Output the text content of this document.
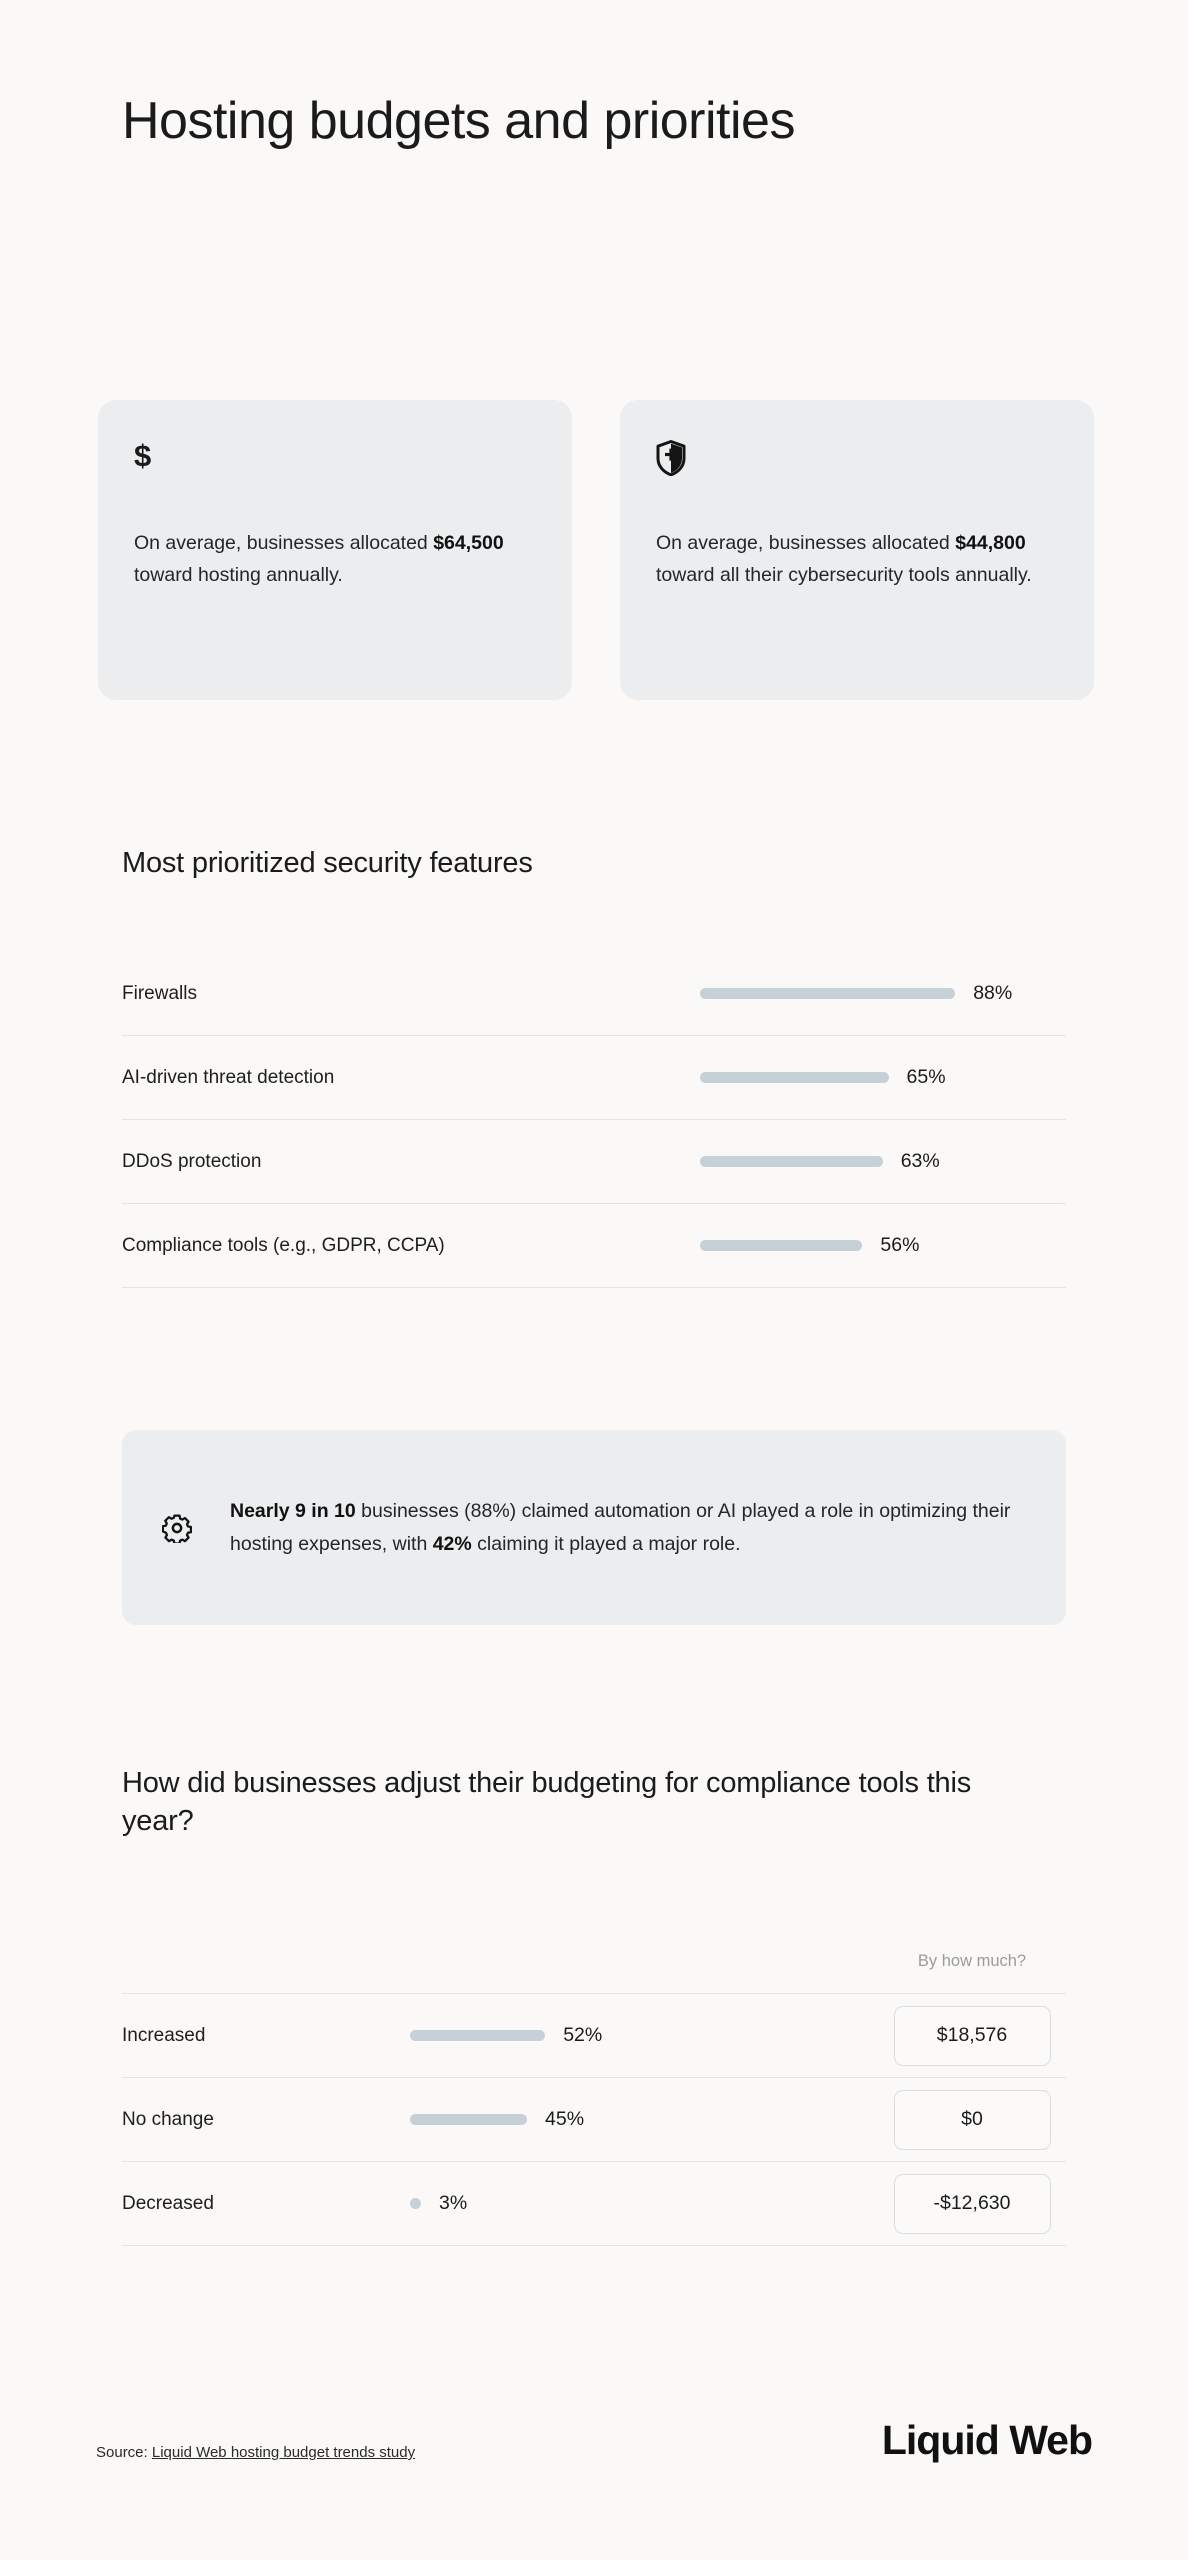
Hosting budgets and priorities
$
On average, businesses allocated $64,500 toward hosting annually.
On average, businesses allocated $44,800 toward all their cybersecurity tools annually.
Most prioritized security features
Firewalls	88%
AI-driven threat detection	65%
DDoS protection	63%
Compliance tools (e.g., GDPR, CCPA)	56%
Nearly 9 in 10 businesses (88%) claimed automation or AI played a role in optimizing their hosting expenses, with 42% claiming it played a major role.
How did businesses adjust their budgeting for compliance tools this year?
By how much?
Increased	52%	$18,576
No change	45%	$0
Decreased	3%	-$12,630
Source: Liquid Web hosting budget trends study	Liquid Web
